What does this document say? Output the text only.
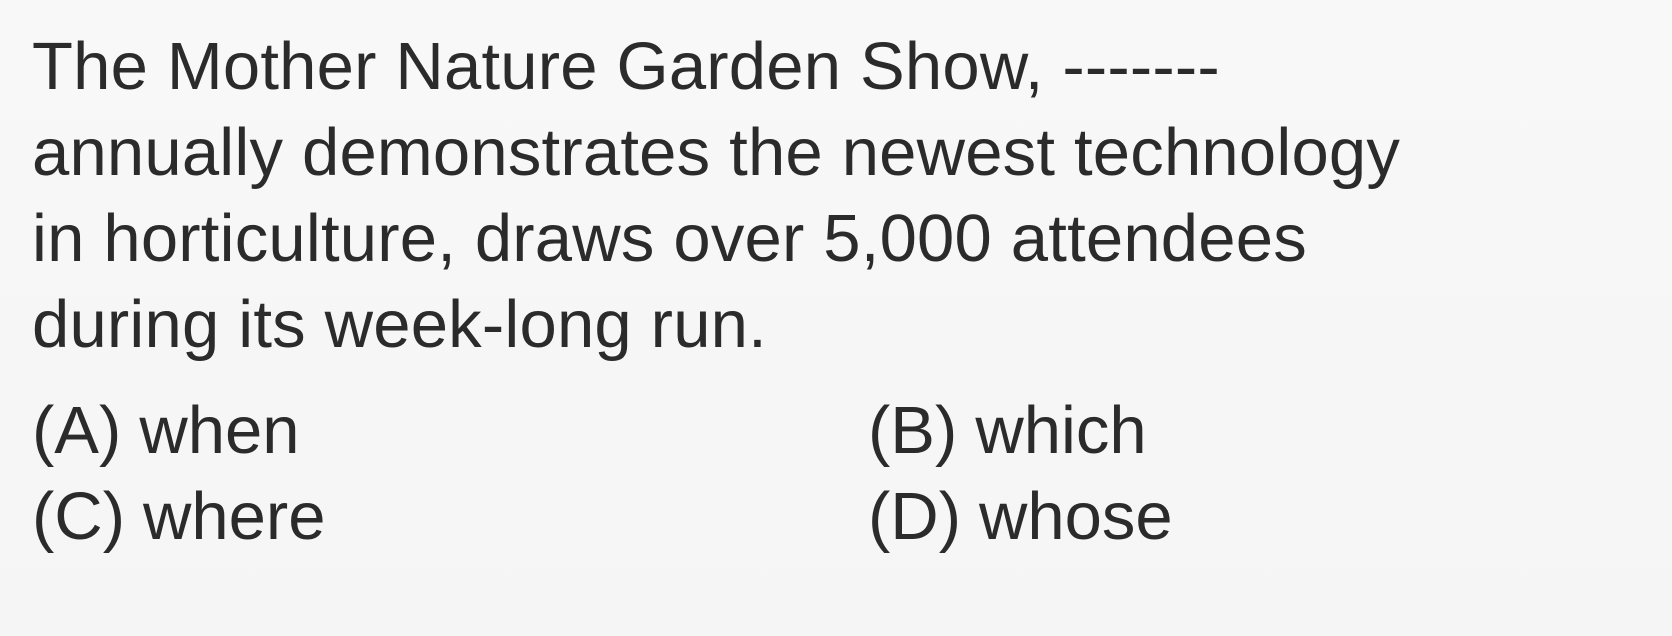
The Mother Nature Garden Show, -------
annually demonstrates the newest technology
in horticulture, draws over 5,000 attendees
during its week-long run.
(A) when	(B) which
(C) where	(D) whose
